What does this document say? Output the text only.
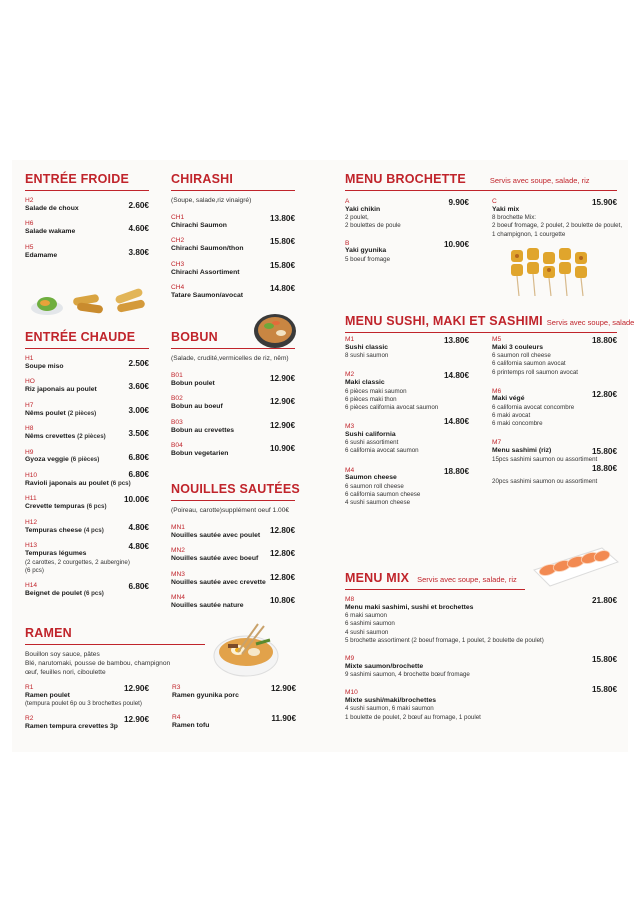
ENTRÉE FROIDE
2.60€
H2
Salade de choux
4.60€
H6
Salade wakame
3.80€
H5
Edamame
ENTRÉE CHAUDE
2.50€
H1
Soupe miso
3.60€
HO
Riz japonais au poulet
3.00€
H7
Nêms poulet (2 pièces)
3.50€
H8
Nêms crevettes (2 pièces)
6.80€
H9
Gyoza veggie (6 pièces)
6.80€
H10
Ravioli japonais au poulet (6 pcs)
10.00€
H11
Crevette tempuras (6 pcs)
4.80€
H12
Tempuras cheese (4 pcs)
4.80€
H13
Tempuras légumes
(2 carottes, 2 courgettes, 2 aubergine) (6 pcs)
6.80€
H14
Beignet de poulet (6 pcs)
RAMEN
Bouillon soy sauce, pâtes
Blé, narutomaki, pousse de bambou, champignon
œuf, feuilles nori, ciboulette
12.90€
R1
Ramen poulet
(tempura poulet 6p ou 3 brochettes poulet)
12.90€
R2
Ramen tempura crevettes 3p
12.90€
R3
Ramen gyunika porc
11.90€
R4
Ramen tofu
CHIRASHI
(Soupe, salade,riz vinaigré)
13.80€
CH1
Chirachi Saumon
15.80€
CH2
Chirachi Saumon/thon
15.80€
CH3
Chirachi Assortiment
14.80€
CH4
Tatare Saumon/avocat
BOBUN
(Salade, crudité,vermicelles de riz, nêm)
12.90€
B01
Bobun poulet
12.90€
B02
Bobun au boeuf
12.90€
B03
Bobun au crevettes
10.90€
B04
Bobun vegetarien
NOUILLES SAUTÉES
(Poireau, carotte)supplément oeuf 1.00€
12.80€
MN1
Nouilles sautée avec poulet
12.80€
MN2
Nouilles sautée avec boeuf
12.80€
MN3
Nouilles sautée avec crevette
10.80€
MN4
Nouilles sautée nature
MENU BROCHETTE	Servis avec soupe, salade, riz
9.90€
A
Yaki chikin
2 poulet,
2 boulettes de poule
10.90€
B
Yaki gyunika
5 boeuf fromage
15.90€
C
Yaki mix
8 brochette Mix:
2 boeuf fromage, 2 poulet, 2 boulette de poulet,
1 champignon, 1 courgette
MENU SUSHI, MAKI ET SASHIMI Servis avec soupe, salade
13.80€
M1
Sushi classic
8 sushi saumon
14.80€
M2
Maki classic
6 pièces maki saumon
6 pièces maki thon
6 pièces california avocat saumon
14.80€
M3
Sushi california
6 sushi assortiment
6 california avocat saumon
18.80€
M4
Saumon cheese
6 saumon roll cheese
6 california saumon cheese
4 sushi saumon cheese
18.80€
M5
Maki 3 couleurs
6 saumon roll cheese
6 california saumon avocat
6 printemps roll saumon avocat
12.80€
M6
Maki végé
6 california avocat concombre
6 maki avocat
6 maki concombre
15.80€
M7
Menu sashimi (riz)
15pcs sashimi saumon ou assortiment
18.80€
20pcs sashimi saumon ou assortiment
MENU MIX Servis avec soupe, salade, riz
21.80€
M8
Menu maki sashimi, sushi et brochettes
6 maki saumon
6 sashimi saumon
4 sushi saumon
5 brochette assortiment (2 boeuf fromage, 1 poulet, 2 boulette de poulet)
15.80€
M9
Mixte saumon/brochette
9 sashimi saumon, 4 brochette bœuf fromage
15.80€
M10
Mixte sushi/maki/brochettes
4 sushi saumon, 6 maki saumon
1 boulette de poulet, 2 bœuf au fromage, 1 poulet
